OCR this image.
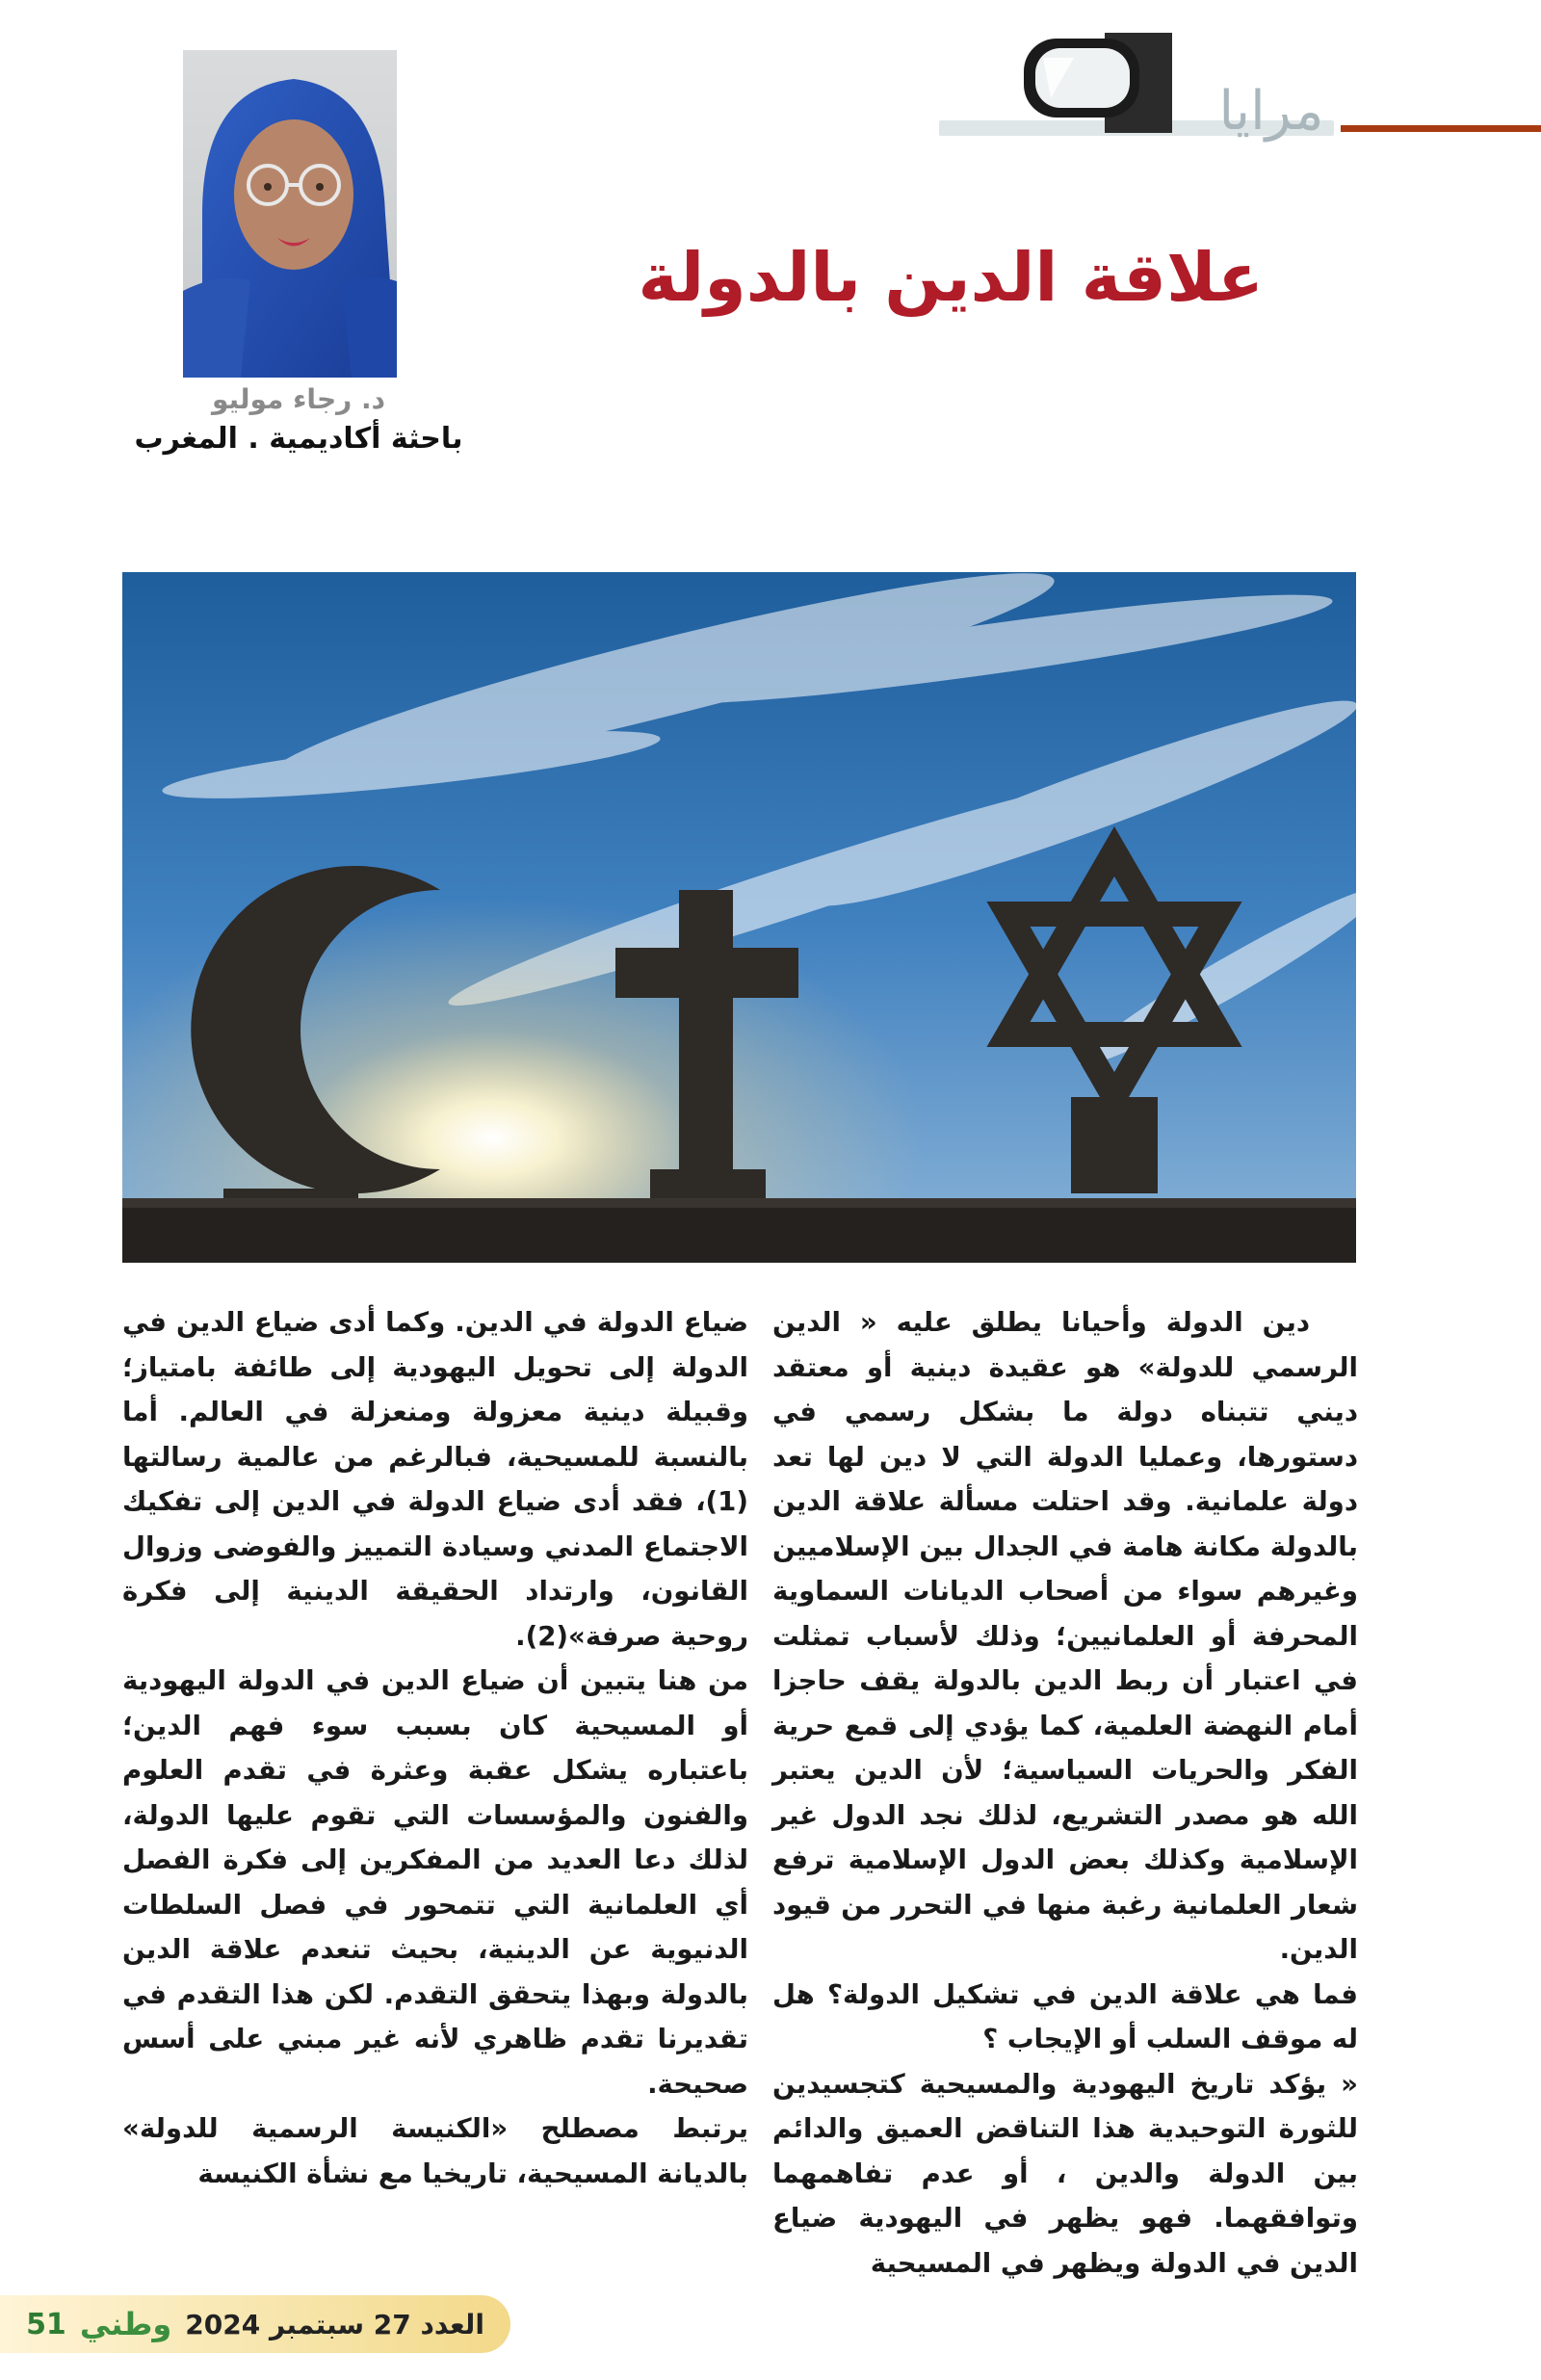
مرايا
علاقة الدين بالدولة
د. رجاء موليو
باحثة أكاديمية . المغرب

دين الدولة وأحيانا يطلق عليه « الدين الرسمي للدولة» هو عقيدة دينية أو معتقد ديني تتبناه دولة ما بشكل رسمي في دستورها، وعمليا الدولة التي لا دين لها تعد دولة علمانية. وقد احتلت مسألة علاقة الدين بالدولة مكانة هامة في الجدال بين الإسلاميين وغيرهم سواء من أصحاب الديانات السماوية المحرفة أو العلمانيين؛ وذلك لأسباب تمثلت في اعتبار أن ربط الدين بالدولة يقف حاجزا أمام النهضة العلمية، كما يؤدي إلى قمع حرية الفكر والحريات السياسية؛ لأن الدين يعتبر الله هو مصدر التشريع، لذلك نجد الدول غير الإسلامية وكذلك بعض الدول الإسلامية ترفع شعار العلمانية رغبة منها في التحرر من قيود الدين.

فما هي علاقة الدين في تشكيل الدولة؟ هل له موقف السلب أو الإيجاب ؟

« يؤكد تاريخ اليهودية والمسيحية كتجسيدين للثورة التوحيدية هذا التناقض العميق والدائم بين الدولة والدين ، أو عدم تفاهمهما وتوافقهما. فهو يظهر في اليهودية ضياع الدين في الدولة ويظهر في المسيحية

ضياع الدولة في الدين. وكما أدى ضياع الدين في الدولة إلى تحويل اليهودية إلى طائفة بامتياز؛ وقبيلة دينية معزولة ومنعزلة في العالم. أما بالنسبة للمسيحية، فبالرغم من عالمية رسالتها (1)، فقد أدى ضياع الدولة في الدين إلى تفكيك الاجتماع المدني وسيادة التمييز والفوضى وزوال القانون، وارتداد الحقيقة الدينية إلى فكرة روحية صرفة»(2).

من هنا يتبين أن ضياع الدين في الدولة اليهودية أو المسيحية كان بسبب سوء فهم الدين؛ باعتباره يشكل عقبة وعثرة في تقدم العلوم والفنون والمؤسسات التي تقوم عليها الدولة، لذلك دعا العديد من المفكرين إلى فكرة الفصل أي العلمانية التي تتمحور في فصل السلطات الدنيوية عن الدينية، بحيث تنعدم علاقة الدين بالدولة وبهذا يتحقق التقدم. لكن هذا التقدم في تقديرنا تقدم ظاهري لأنه غير مبني على أسس صحيحة.

يرتبط مصطلح «الكنيسة الرسمية للدولة» بالديانة المسيحية، تاريخيا مع نشأة الكنيسة

51 وطني العدد 27 سبتمبر 2024
